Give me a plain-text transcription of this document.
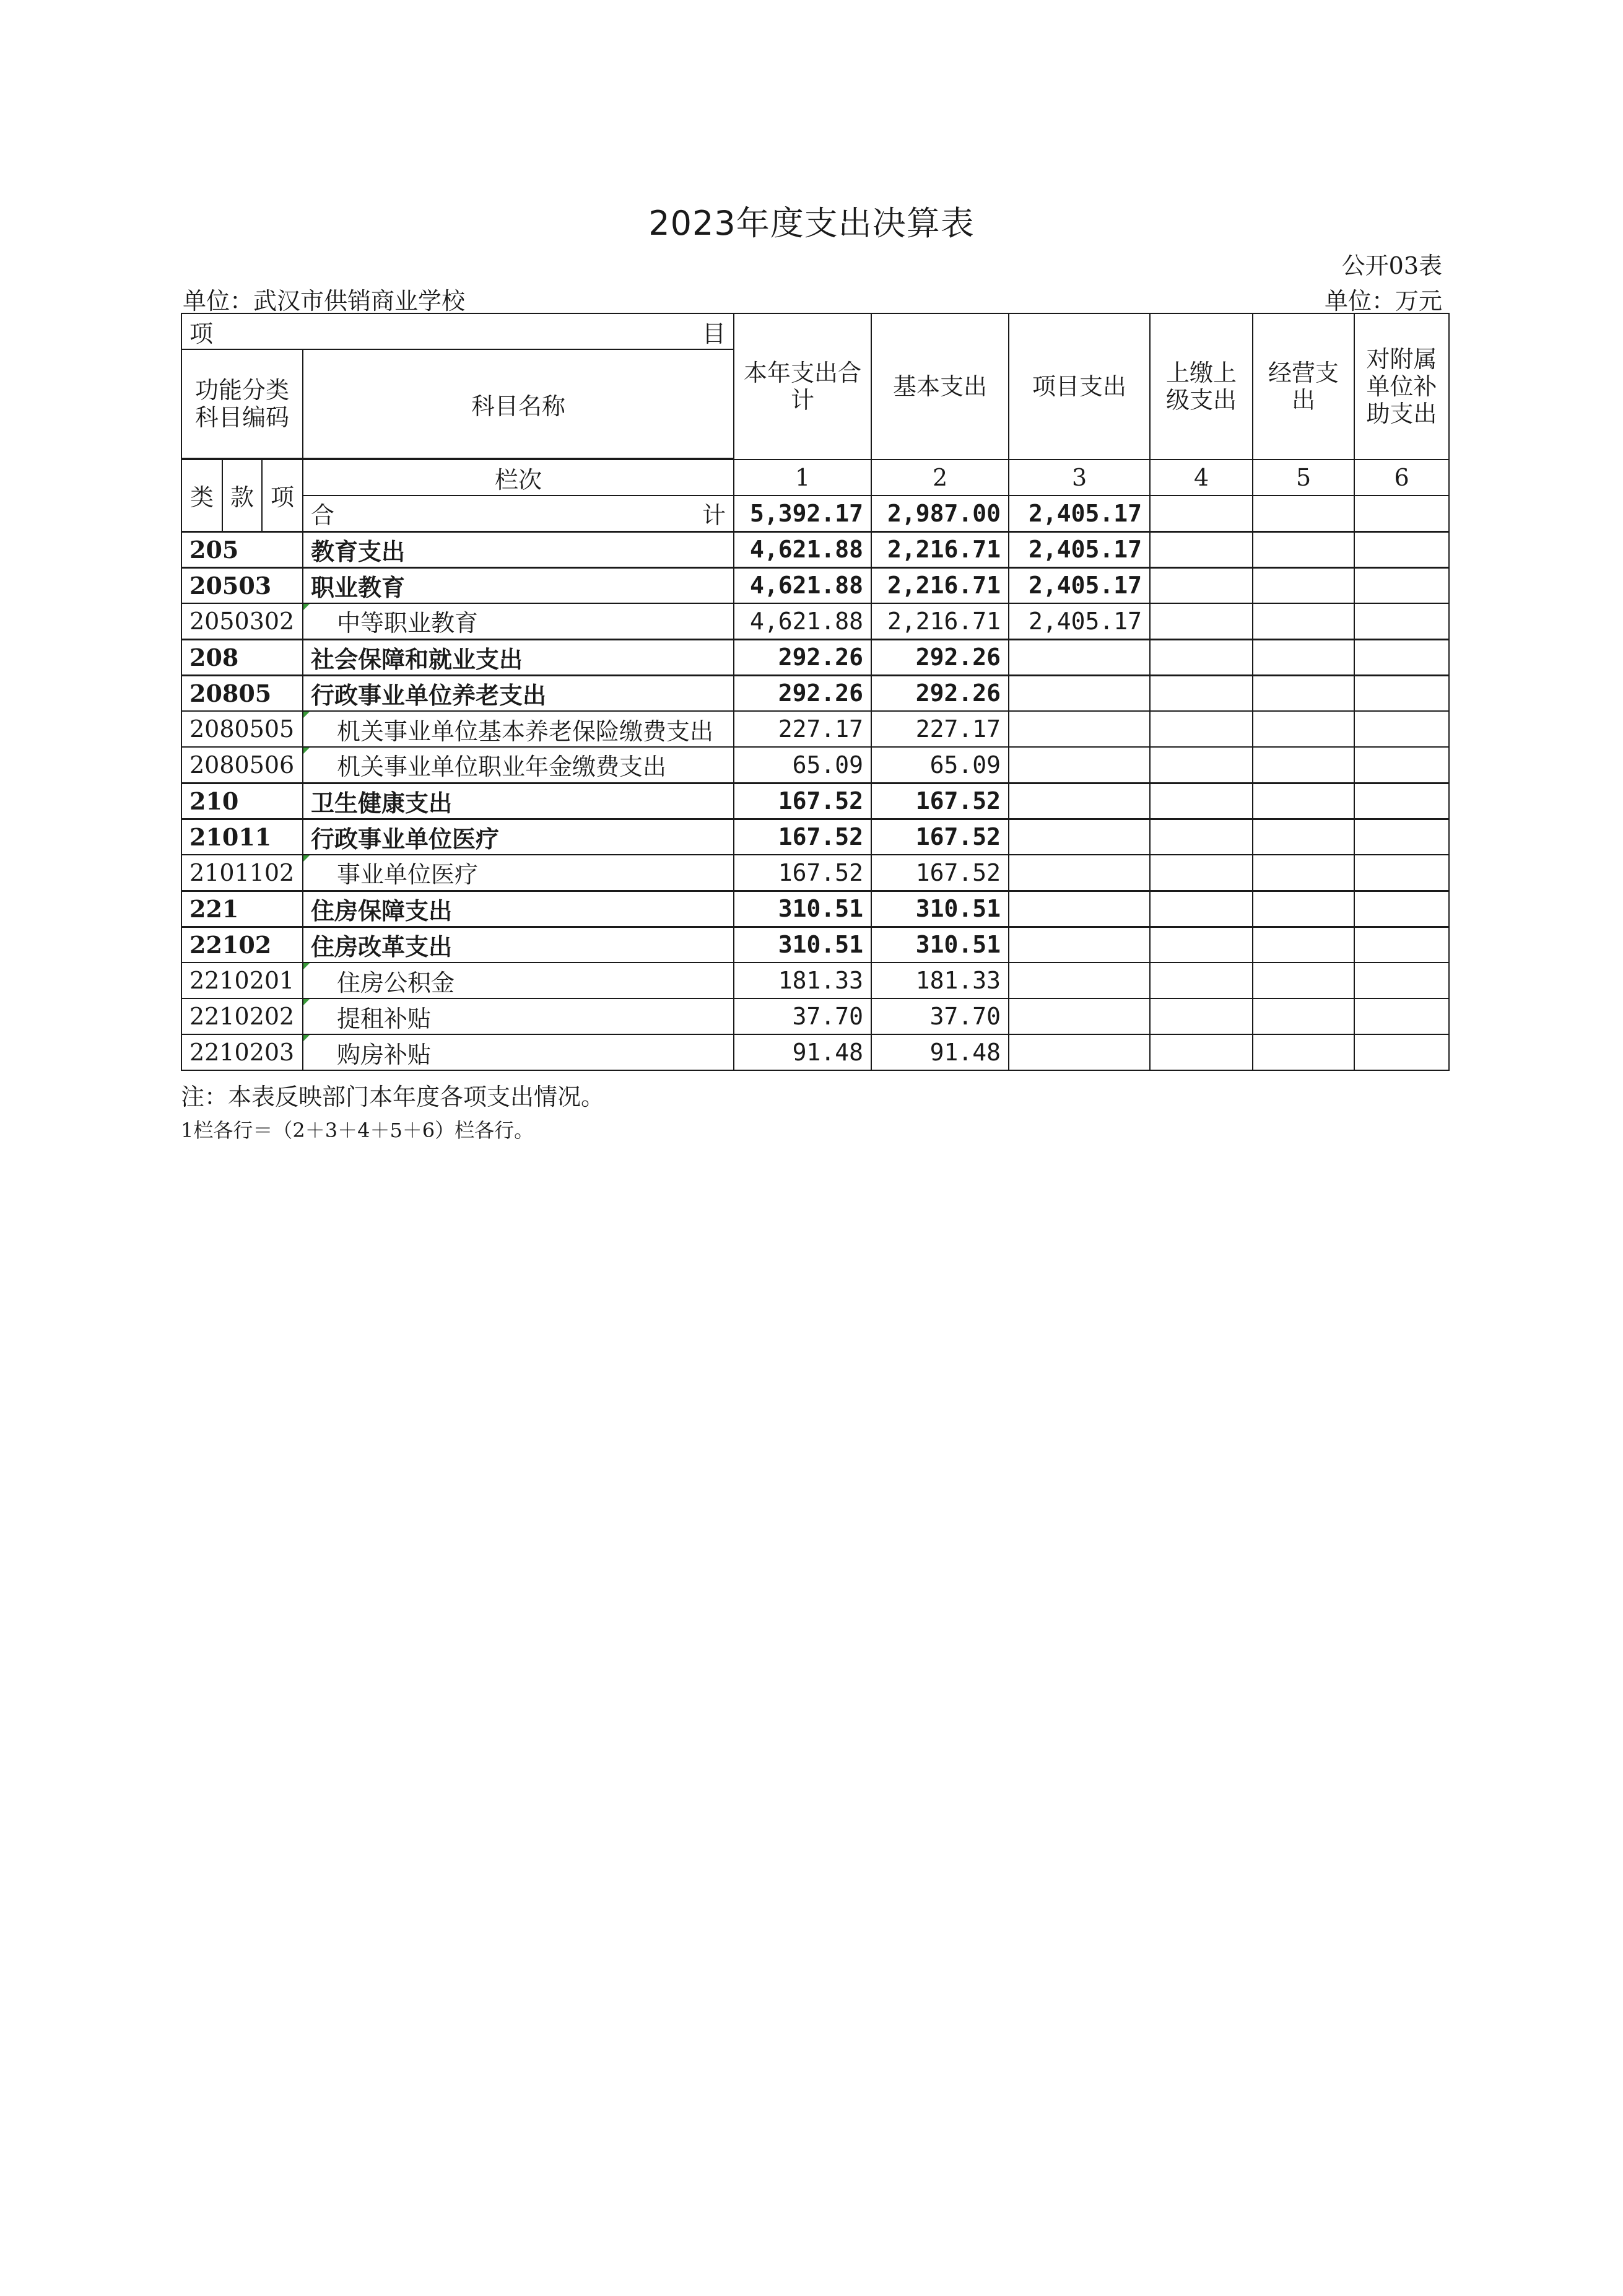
2023年度支出决算表
公开03表
单位：武汉市供销商业学校	单位：万元
项 目				本年支出合计	基本支出	项目支出	上缴上级支出	经营支出	对附属单位补助支出
功能分类科目编码			科目名称						

类	款	项	栏次	1	2	3	4	5	6

			合 计	5,392.17	2,987.00	2,405.17			
205			教育支出	4,621.88	2,216.71	2,405.17			
20503			职业教育	4,621.88	2,216.71	2,405.17			
2050302			中等职业教育	4,621.88	2,216.71	2,405.17			
208			社会保障和就业支出	292.26	292.26				
20805			行政事业单位养老支出	292.26	292.26				
2080505			机关事业单位基本养老保险缴费支出	227.17	227.17				
2080506			机关事业单位职业年金缴费支出	65.09	65.09				
210			卫生健康支出	167.52	167.52				
21011			行政事业单位医疗	167.52	167.52				
2101102			事业单位医疗	167.52	167.52				
221			住房保障支出	310.51	310.51				
22102			住房改革支出	310.51	310.51				
2210201			住房公积金	181.33	181.33				
2210202			提租补贴	37.70	37.70				
2210203			购房补贴	91.48	91.48				
注：本表反映部门本年度各项支出情况。
1栏各行＝（2＋3＋4＋5＋6）栏各行。
